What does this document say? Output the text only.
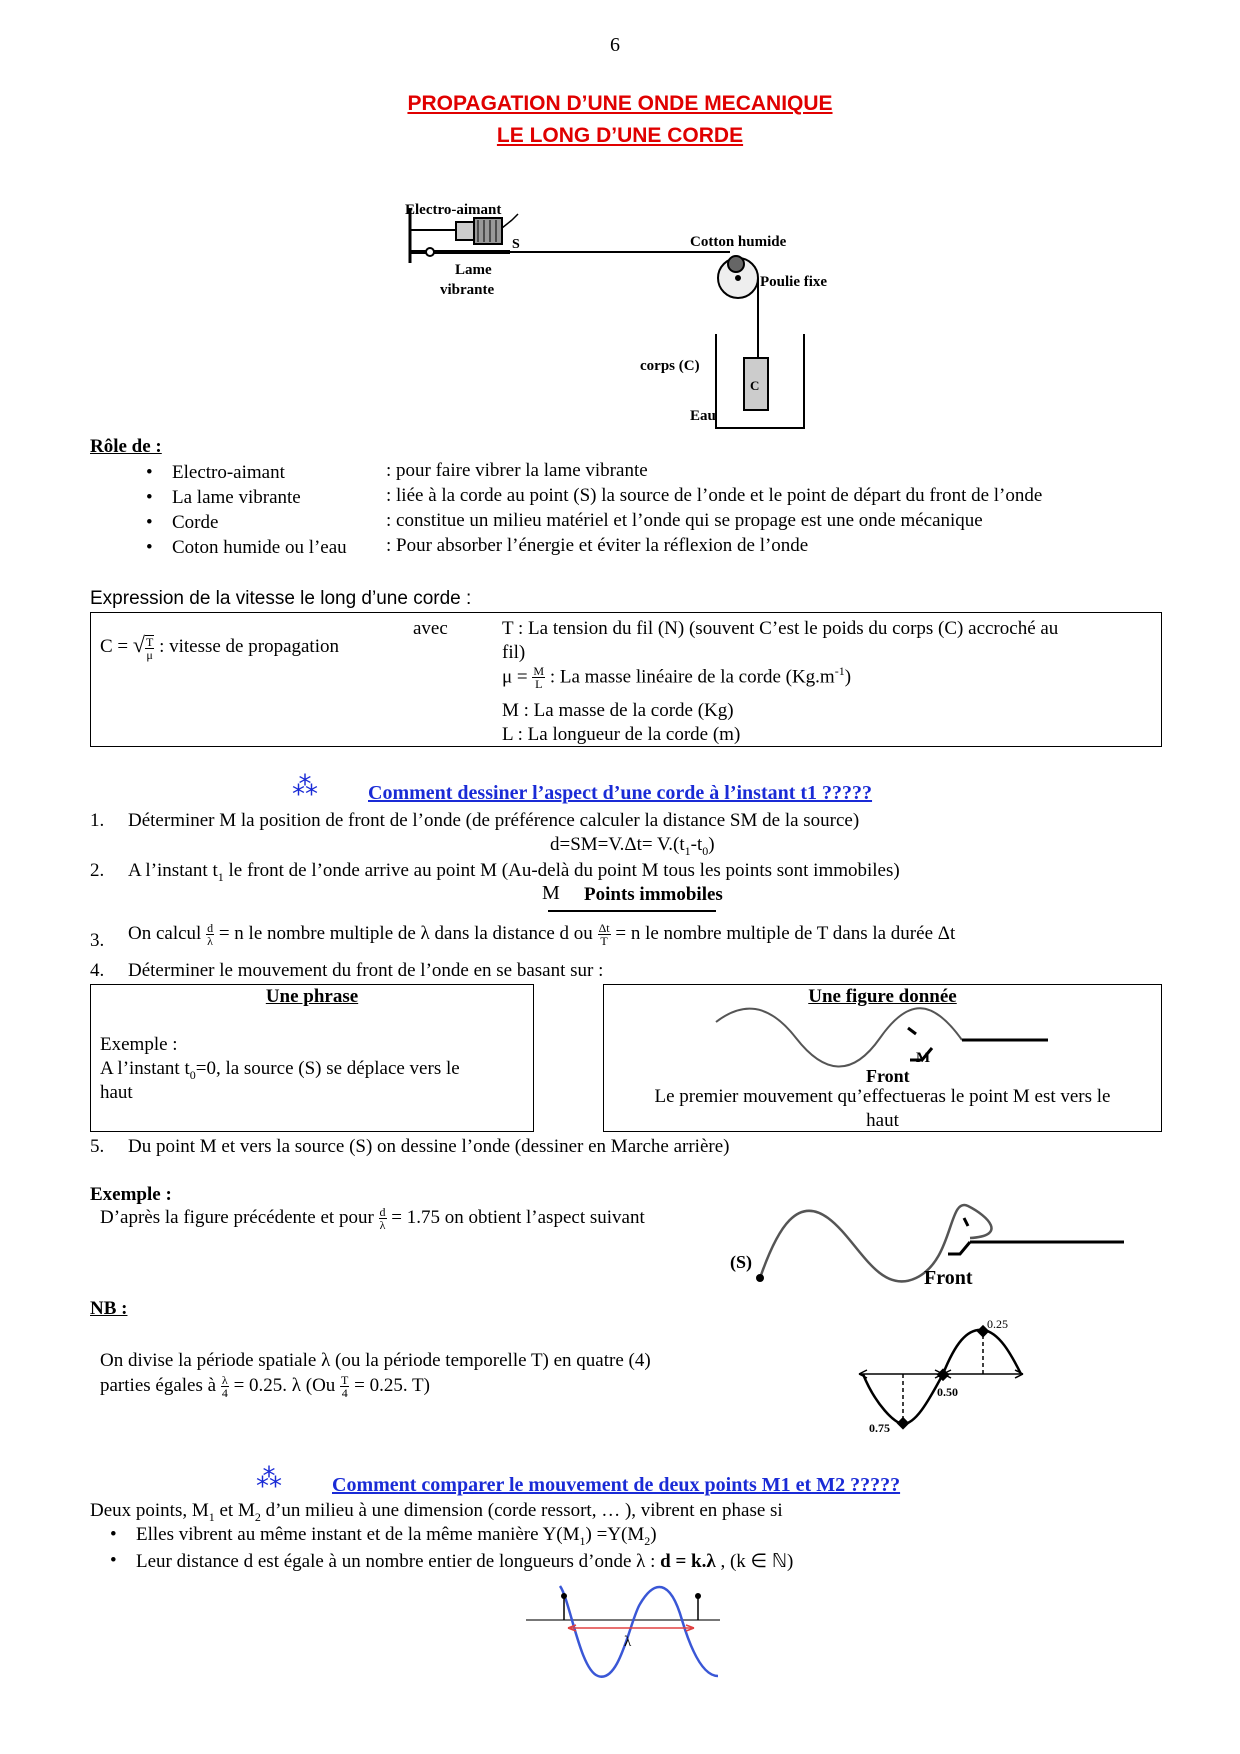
6
PROPAGATION D’UNE ONDE MECANIQUE
LE LONG D’UNE CORDE
Electro-aimant
S
Lame
vibrante
Cotton humide
Poulie fixe
corps (C)
C
Eau
Rôle de :
• Electro-aimant	: pour faire vibrer la lame vibrante
• La lame vibrante	: liée à la corde au point (S) la source de l’onde et le point de départ du front de l’onde
• Corde	: constitue un milieu matériel et l’onde qui se propage est une onde mécanique
• Coton humide ou l’eau : Pour absorber l’énergie et éviter la réflexion de l’onde
Expression de la vitesse le long d’une corde :
C = √ $\frac{T}{\mu}$ : vitesse de propagation
avec	T : La tension du fil (N) (souvent C’est le poids du corps (C) accroché au
fil)
$\mu = \frac{M}{L}$ : La masse linéaire de la corde $(Kg.m^{-1})$
M : La masse de la corde (Kg)
L : La longueur de la corde (m)
⁂	Comment dessiner l’aspect d’une corde à l’instant t1 ?????
1. Déterminer M la position de front de l’onde (de préférence calculer la distance SM de la source)
$d=SM=V.\Delta t= V.(t_1-t_0)$
2. A l’instant $t_1$ le front de l’onde arrive au point M (Au-delà du point M tous les points sont immobiles)
M Points immobiles
3. On calcul $\frac{d}{\lambda} = n$ le nombre multiple de λ dans la distance d ou $\frac{\Delta t}{T} = n$ le nombre multiple de T dans la durée Δt
4. Déterminer le mouvement du front de l’onde en se basant sur :
Une phrase
Exemple :
A l’instant $t_0=0$, la source (S) se déplace vers le
haut
Une figure donnée
M
Front
Le premier mouvement qu’effectueras le point M est vers le
haut
5. Du point M et vers la source (S) on dessine l’onde (dessiner en Marche arrière)
Exemple :
D’après la figure précédente et pour $\frac{d}{\lambda} = 1.75$ on obtient l’aspect suivant
(S)
Front
NB :
On divise la période spatiale λ (ou la période temporelle T) en quatre (4)
parties égales à $\frac{\lambda}{4} = 0.25$. λ ($Ou \frac{T}{4} = 0.25$. T)
0.25
0.50
0.75
⁂	Comment comparer le mouvement de deux points M1 et M2 ?????
Deux points, $M_1$ et $M_2$ d’un milieu à une dimension (corde ressort, … ), vibrent en phase si
• Elles vibrent au même instant et de la même manière $Y(M_1) =Y(M_2)$
• Leur distance d est égale à un nombre entier de longueurs d’onde λ : d = k.λ , (k ∈ ℕ)
λ
